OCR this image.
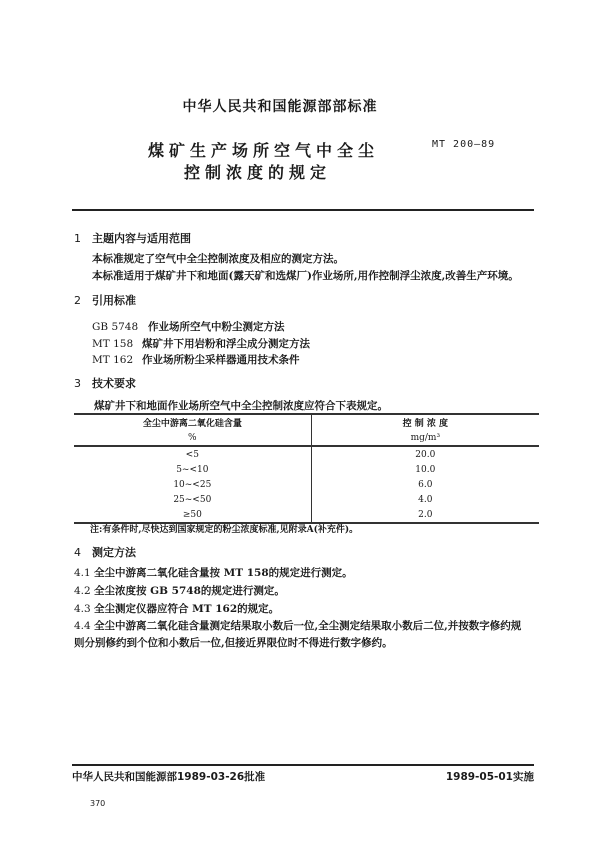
中华人民共和国能源部部标准
煤矿生产场所空气中全尘
控制浓度的规定
MT 200—89
1 主题内容与适用范围
本标准规定了空气中全尘控制浓度及相应的测定方法。
本标准适用于煤矿井下和地面(露天矿和选煤厂)作业场所,用作控制浮尘浓度,改善生产环境。
2 引用标准
GB 5748 作业场所空气中粉尘测定方法
MT 158 煤矿井下用岩粉和浮尘成分测定方法
MT 162 作业场所粉尘采样器通用技术条件
3 技术要求
煤矿井下和地面作业场所空气中全尘控制浓度应符合下表规定。
全尘中游离二氧化硅含量	控 制 浓 度
%	mg/m³
<5	20.0
5~<10	10.0
10~<25	6.0
25~<50	4.0
≥50	2.0
注:有条件时,尽快达到国家规定的粉尘浓度标准,见附录A(补充件)。
4 测定方法
4.1 全尘中游离二氧化硅含量按 MT 158的规定进行测定。
4.2 全尘浓度按 GB 5748的规定进行测定。
4.3 全尘测定仪器应符合 MT 162的规定。
4.4 全尘中游离二氧化硅含量测定结果取小数后一位,全尘测定结果取小数后二位,并按数字修约规
则分别修约到个位和小数后一位,但接近界限位时不得进行数字修约。
中华人民共和国能源部1989-03-26批准	1989-05-01实施
370
